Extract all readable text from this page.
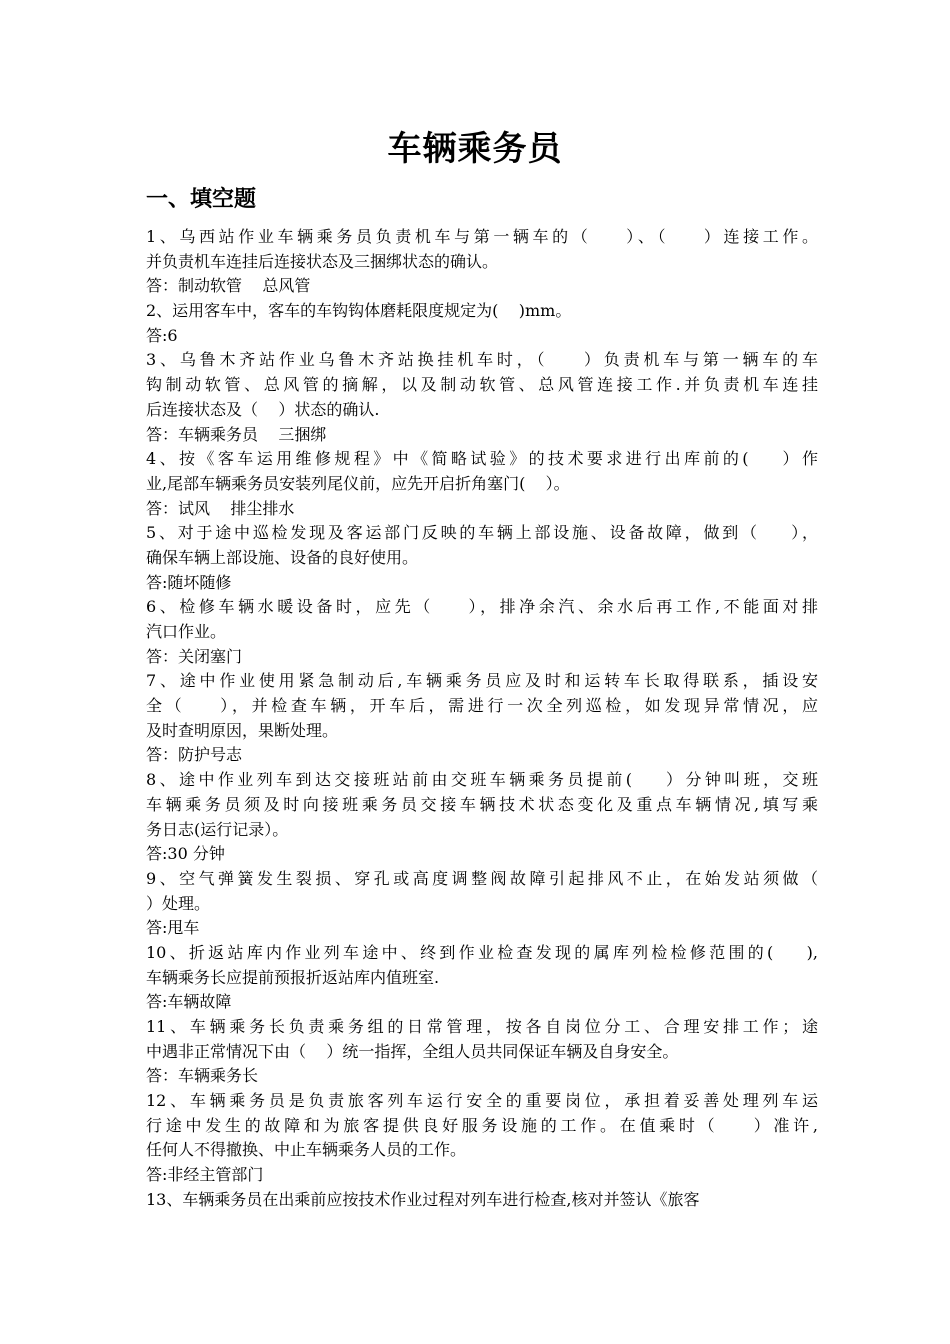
车辆乘务员
一、填空题
1、乌西站作业车辆乘务员负责机车与第一辆车的（    ）、（    ）连接工作。
并负责机车连挂后连接状态及三捆绑状态的确认。
答：制动软管    总风管
2、运用客车中，客车的车钩钩体磨耗限度规定为(    )mm。
答:6
3、乌鲁木齐站作业乌鲁木齐站换挂机车时，（    ）负责机车与第一辆车的车
钩制动软管、总风管的摘解，以及制动软管、总风管连接工作.并负责机车连挂
后连接状态及（    ）状态的确认.
答：车辆乘务员    三捆绑
4、按《客车运用维修规程》中《简略试验》的技术要求进行出库前的(    ）作
业,尾部车辆乘务员安装列尾仪前，应先开启折角塞门(    ）。
答：试风    排尘排水
5、对于途中巡检发现及客运部门反映的车辆上部设施、设备故障，做到（    ），
确保车辆上部设施、设备的良好使用。
答:随坏随修
6、检修车辆水暖设备时，应先（    ），排净余汽、余水后再工作,不能面对排
汽口作业。
答：关闭塞门
7、途中作业使用紧急制动后,车辆乘务员应及时和运转车长取得联系，插设安
全（    ），并检查车辆，开车后，需进行一次全列巡检，如发现异常情况，应
及时查明原因，果断处理。
答：防护号志
8、途中作业列车到达交接班站前由交班车辆乘务员提前(    ）分钟叫班，交班
车辆乘务员须及时向接班乘务员交接车辆技术状态变化及重点车辆情况,填写乘
务日志(运行记录）。
答:30 分钟
9、空气弹簧发生裂损、穿孔或高度调整阀故障引起排风不止，在始发站须做（
）处理。
答:甩车
10、折返站库内作业列车途中、终到作业检查发现的属库列检检修范围的(    ),
车辆乘务长应提前预报折返站库内值班室.
答:车辆故障
11、车辆乘务长负责乘务组的日常管理，按各自岗位分工、合理安排工作；途
中遇非正常情况下由（    ）统一指挥，全组人员共同保证车辆及自身安全。
答：车辆乘务长
12、车辆乘务员是负责旅客列车运行安全的重要岗位，承担着妥善处理列车运
行途中发生的故障和为旅客提供良好服务设施的工作。在值乘时（    ）准许,
任何人不得撤换、中止车辆乘务人员的工作。
答:非经主管部门
13、车辆乘务员在出乘前应按技术作业过程对列车进行检查,核对并签认《旅客
